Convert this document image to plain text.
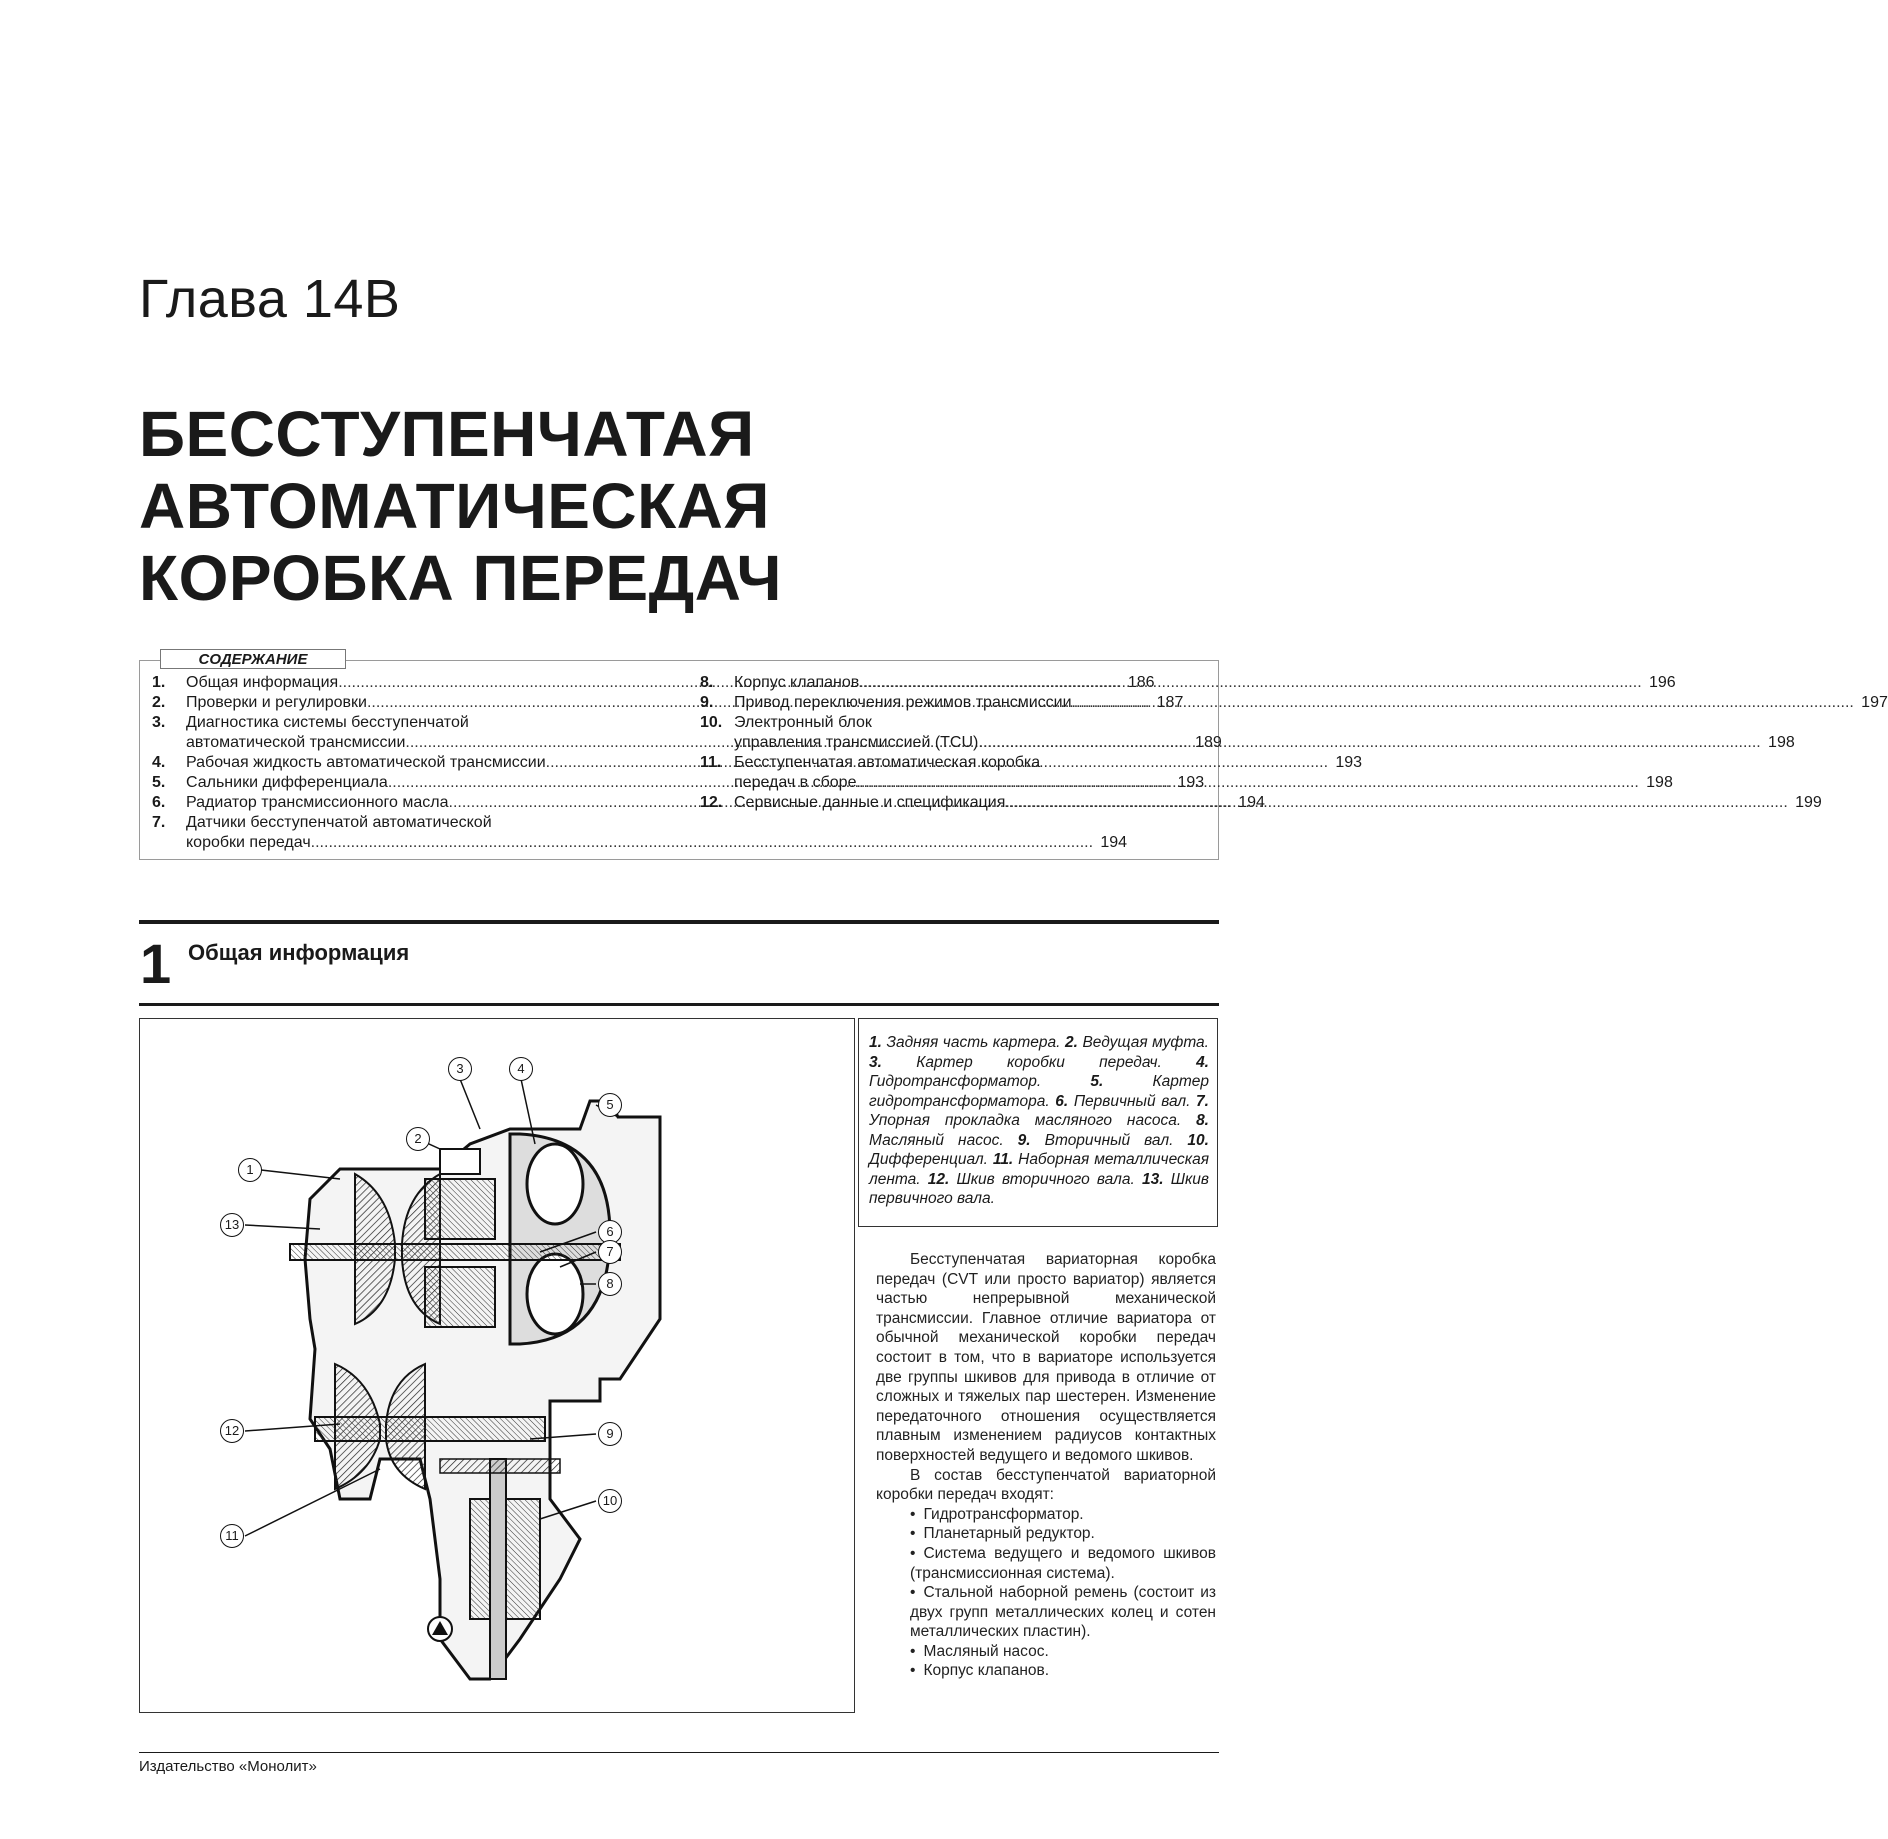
Глава 14В
БЕССТУПЕНЧАТАЯ
АВТОМАТИЧЕСКАЯ
КОРОБКА ПЕРЕДАЧ
1.	Общая информация .....	186
2.	Проверки и регулировки .....	187
3.	Диагностика системы бесступенчатой
автоматической трансмиссии .....	189
4.	Рабочая жидкость автоматической трансмиссии .....	193
5.	Сальники дифференциала .....	193
6.	Радиатор трансмиссионного масла .....	194
7.	Датчики бесступенчатой автоматической
коробки передач .....	194
8.	Корпус клапанов .....	196
9.	Привод переключения режимов трансмиссии .....	197
10. Электронный блок
управления трансмиссией (TCU) .....	198
11. Бесступенчатая автоматическая коробка
передач в сборе .....	198
12. Сервисные данные и спецификация .....	199
СОДЕРЖАНИЕ
1 Общая информация
1
2
3	4
5
6
7
8
9
10
11
12
13
1. Задняя часть картера. 2. Ведущая муфта. 3. Картер коробки передач. 4. Гидротрансформатор. 5. Картер гидротрансформатора. 6. Первичный вал. 7. Упорная прокладка масляного насоса. 8. Масляный насос. 9. Вторичный вал. 10. Дифференциал. 11. Наборная металлическая лента. 12. Шкив вторичного вала. 13. Шкив первичного вала.

Бесступенчатая вариаторная коробка передач (CVT или просто вариатор) является частью непрерывной механической трансмиссии. Главное отличие вариатора от обычной механической коробки передач состоит в том, что в вариаторе используется две группы шкивов для привода в отличие от сложных и тяжелых пар шестерен. Изменение передаточного отношения осуществляется плавным изменением радиусов контактных поверхностей ведущего и ведомого шкивов.

В состав бесступенчатой вариаторной коробки передач входят:

• Гидротрансформатор.

• Планетарный редуктор.

• Система ведущего и ведомого шкивов (трансмиссионная система).

• Стальной наборной ремень (состоит из двух групп металлических колец и сотен металлических пластин).

• Масляный насос.

• Корпус клапанов.

Издательство «Монолит»
